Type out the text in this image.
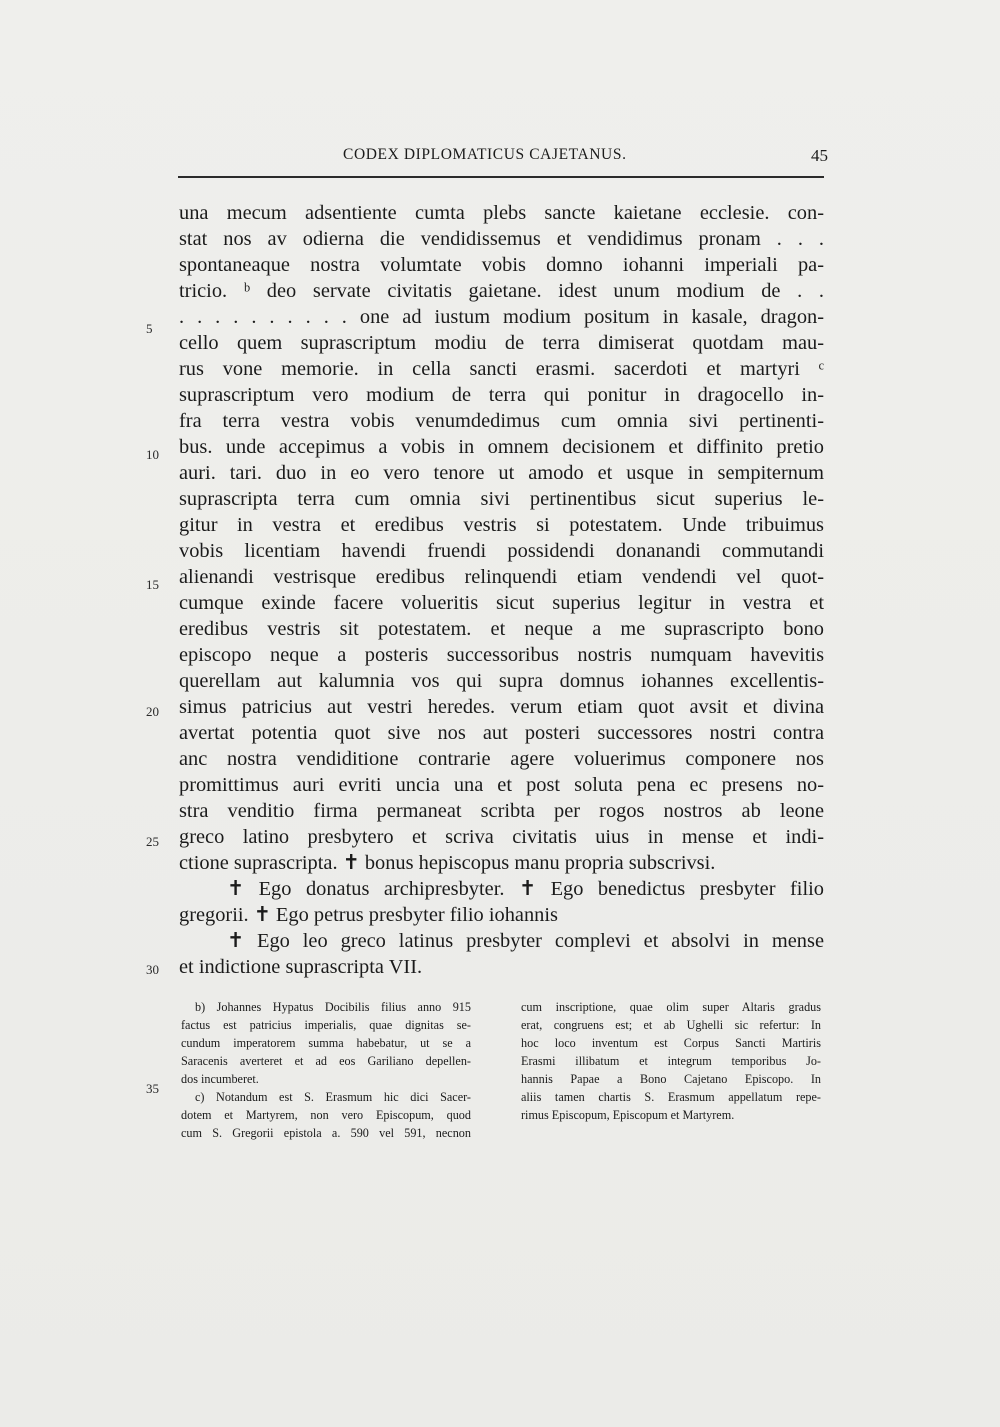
CODEX DIPLOMATICUS CAJETANUS.	45
una mecum adsentiente cumta plebs sancte kaietane ecclesie. con-
stat nos av odierna die vendidissemus et vendidimus pronam . . .
spontaneaque nostra volumtate vobis domno iohanni imperiali pa-
tricio. ᵇ deo servate civitatis gaietane. idest unum modium de . .
. . . . . . . . . . one ad iustum modium positum in kasale, dragon-
cello quem suprascriptum modiu de terra dimiserat quotdam mau-
rus vone memorie. in cella sancti erasmi. sacerdoti et martyri ᶜ
suprascriptum vero modium de terra qui ponitur in dragocello in-
fra terra vestra vobis venumdedimus cum omnia sivi pertinenti-
bus. unde accepimus a vobis in omnem decisionem et diffinito pretio
auri. tari. duo in eo vero tenore ut amodo et usque in sempiternum
suprascripta terra cum omnia sivi pertinentibus sicut superius le-
gitur in vestra et eredibus vestris si potestatem. Unde tribuimus
vobis licentiam havendi fruendi possidendi donanandi commutandi
alienandi vestrisque eredibus relinquendi etiam vendendi vel quot-
cumque exinde facere volueritis sicut superius legitur in vestra et
eredibus vestris sit potestatem. et neque a me suprascripto bono
episcopo neque a posteris successoribus nostris numquam havevitis
querellam aut kalumnia vos qui supra domnus iohannes excellentis-
simus patricius aut vestri heredes. verum etiam quot avsit et divina
avertat potentia quot sive nos aut posteri successores nostri contra
anc nostra vendiditione contrarie agere voluerimus componere nos
promittimus auri evriti uncia una et post soluta pena ec presens no-
stra venditio firma permaneat scribta per rogos nostros ab leone
greco latino presbytero et scriva civitatis uius in mense et indi-
ctione suprascripta. ✝ bonus hepiscopus manu propria subscrivsi.
✝ Ego donatus archipresbyter. ✝ Ego benedictus presbyter filio
gregorii. ✝ Ego petrus presbyter filio iohannis
✝ Ego leo greco latinus presbyter complevi et absolvi in mense
et indictione suprascripta VII.
5
10
15
20
25
30
35
b) Johannes Hypatus Docibilis filius anno 915
factus est patricius imperialis, quae dignitas se-
cundum imperatorem summa habebatur, ut se a
Saracenis averteret et ad eos Gariliano depellen-
dos incumberet.
c) Notandum est S. Erasmum hic dici Sacer-
dotem et Martyrem, non vero Episcopum, quod
cum S. Gregorii epistola a. 590 vel 591, necnon
cum inscriptione, quae olim super Altaris gradus
erat, congruens est; et ab Ughelli sic refertur: In
hoc loco inventum est Corpus Sancti Martiris
Erasmi illibatum et integrum temporibus Jo-
hannis Papae a Bono Cajetano Episcopo. In
aliis tamen chartis S. Erasmum appellatum repe-
rimus Episcopum, Episcopum et Martyrem.
